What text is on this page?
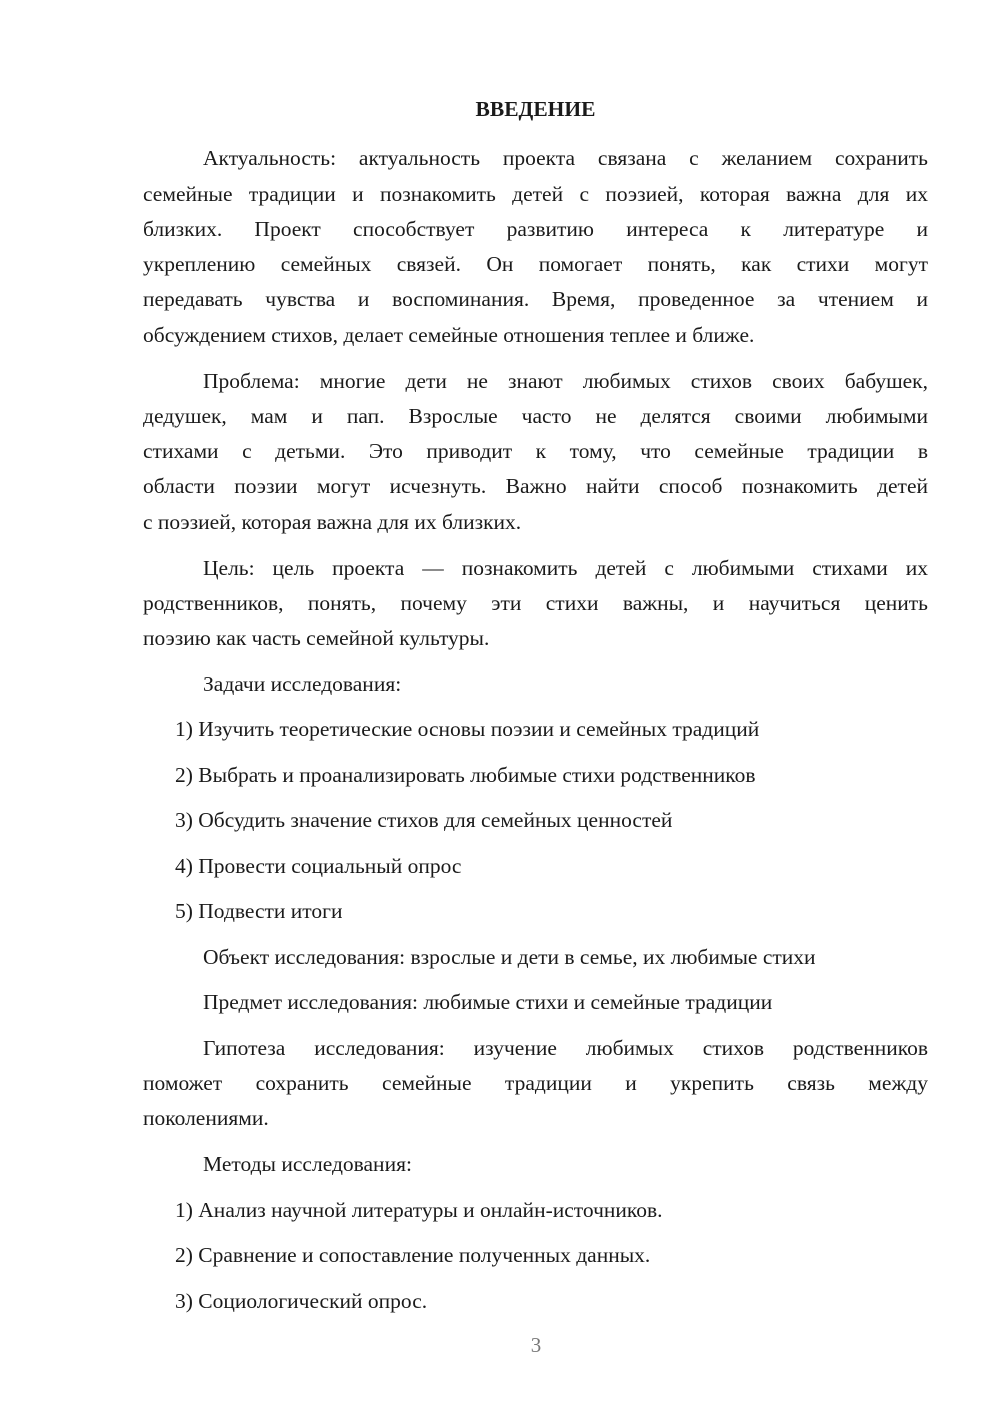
ВВЕДЕНИЕ
Актуальность: актуальность проекта связана с желанием сохранить
семейные традиции и познакомить детей с поэзией, которая важна для их
близких. Проект способствует развитию интереса к литературе и
укреплению семейных связей. Он помогает понять, как стихи могут
передавать чувства и воспоминания. Время, проведенное за чтением и
обсуждением стихов, делает семейные отношения теплее и ближе.
Проблема: многие дети не знают любимых стихов своих бабушек,
дедушек, мам и пап. Взрослые часто не делятся своими любимыми
стихами с детьми. Это приводит к тому, что семейные традиции в
области поэзии могут исчезнуть. Важно найти способ познакомить детей
с поэзией, которая важна для их близких.
Цель: цель проекта — познакомить детей с любимыми стихами их
родственников, понять, почему эти стихи важны, и научиться ценить
поэзию как часть семейной культуры.
Задачи исследования:
1) Изучить теоретические основы поэзии и семейных традиций
2) Выбрать и проанализировать любимые стихи родственников
3) Обсудить значение стихов для семейных ценностей
4) Провести социальный опрос
5) Подвести итоги
Объект исследования: взрослые и дети в семье, их любимые стихи
Предмет исследования: любимые стихи и семейные традиции
Гипотеза исследования: изучение любимых стихов родственников
поможет сохранить семейные традиции и укрепить связь между
поколениями.
Методы исследования:
1) Анализ научной литературы и онлайн-источников.
2) Сравнение и сопоставление полученных данных.
3) Социологический опрос.
3
